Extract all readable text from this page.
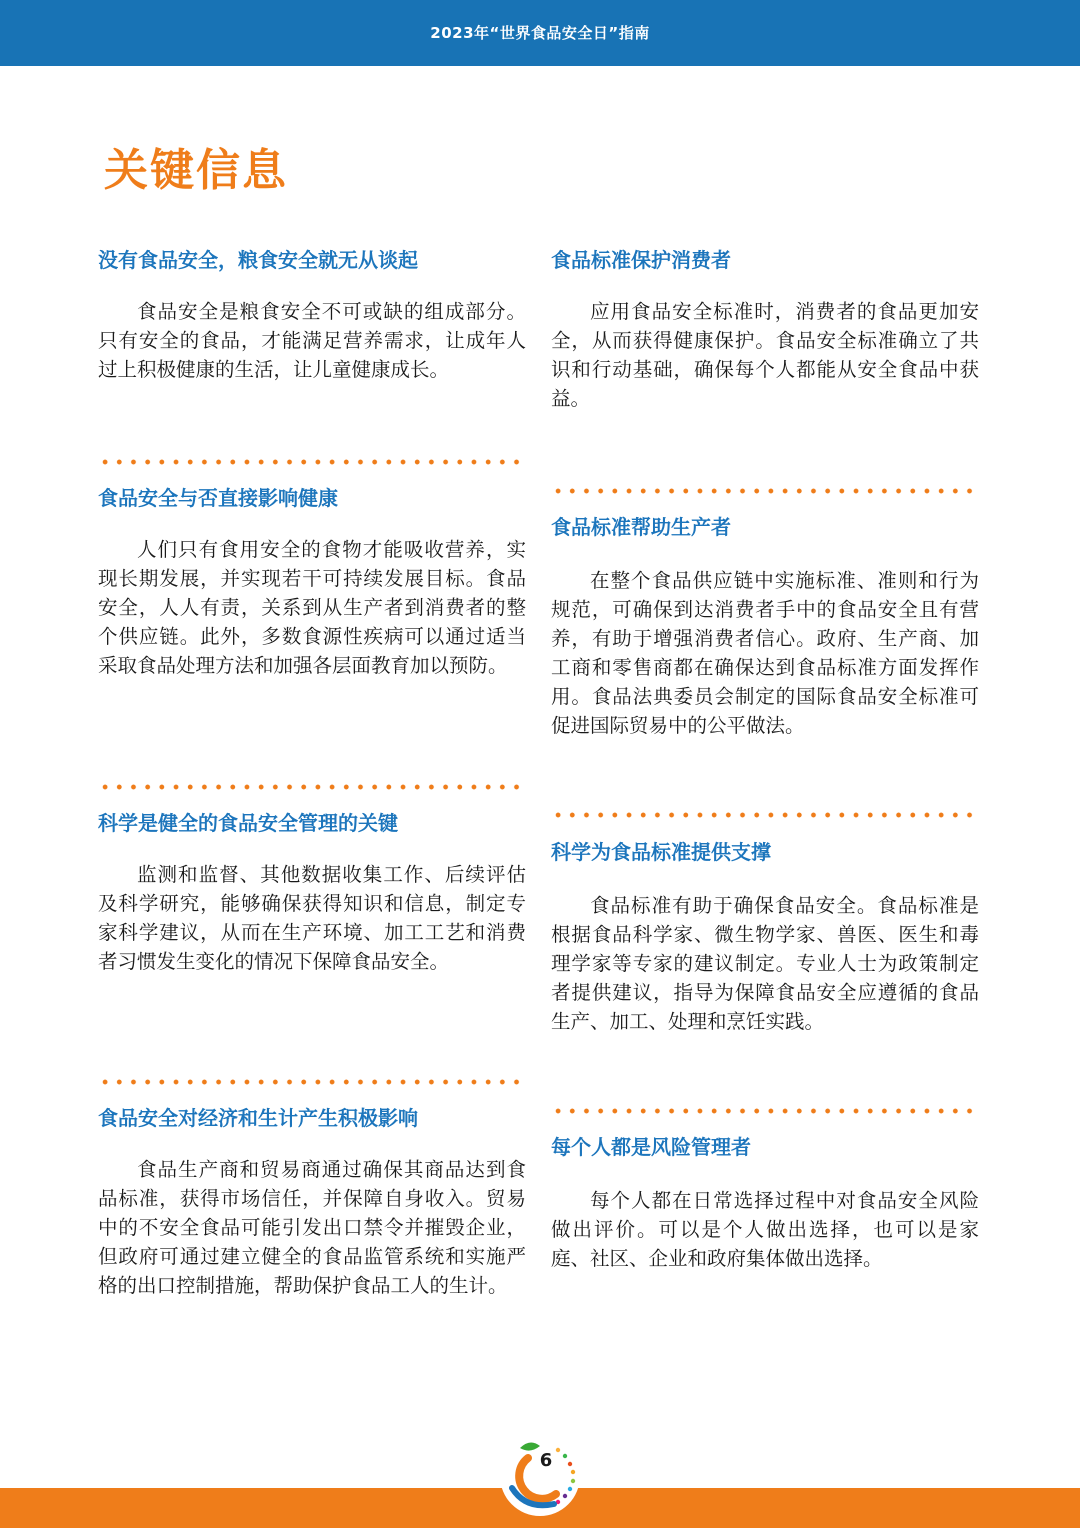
2023年“世界食品安全日”指南
关键信息
没有食品安全，粮食安全就无从谈起

食品安全是粮食安全不可或缺的组成部分。只有安全的食品，才能满足营养需求，让成年人过上积极健康的生活，让儿童健康成长。

食品安全与否直接影响健康

人们只有食用安全的食物才能吸收营养，实现长期发展，并实现若干可持续发展目标。食品安全，人人有责，关系到从生产者到消费者的整个供应链。此外，多数食源性疾病可以通过适当采取食品处理方法和加强各层面教育加以预防。

科学是健全的食品安全管理的关键

监测和监督、其他数据收集工作、后续评估及科学研究，能够确保获得知识和信息，制定专家科学建议，从而在生产环境、加工工艺和消费者习惯发生变化的情况下保障食品安全。

食品安全对经济和生计产生积极影响

食品生产商和贸易商通过确保其商品达到食品标准，获得市场信任，并保障自身收入。贸易中的不安全食品可能引发出口禁令并摧毁企业，但政府可通过建立健全的食品监管系统和实施严格的出口控制措施，帮助保护食品工人的生计。

食品标准保护消费者

应用食品安全标准时，消费者的食品更加安全，从而获得健康保护。食品安全标准确立了共识和行动基础，确保每个人都能从安全食品中获益。

食品标准帮助生产者

在整个食品供应链中实施标准、准则和行为规范，可确保到达消费者手中的食品安全且有营养，有助于增强消费者信心。政府、生产商、加工商和零售商都在确保达到食品标准方面发挥作用。食品法典委员会制定的国际食品安全标准可促进国际贸易中的公平做法。

科学为食品标准提供支撑

食品标准有助于确保食品安全。食品标准是根据食品科学家、微生物学家、兽医、医生和毒理学家等专家的建议制定。专业人士为政策制定者提供建议，指导为保障食品安全应遵循的食品生产、加工、处理和烹饪实践。

每个人都是风险管理者

每个人都在日常选择过程中对食品安全风险做出评价。可以是个人做出选择，也可以是家庭、社区、企业和政府集体做出选择。

6
